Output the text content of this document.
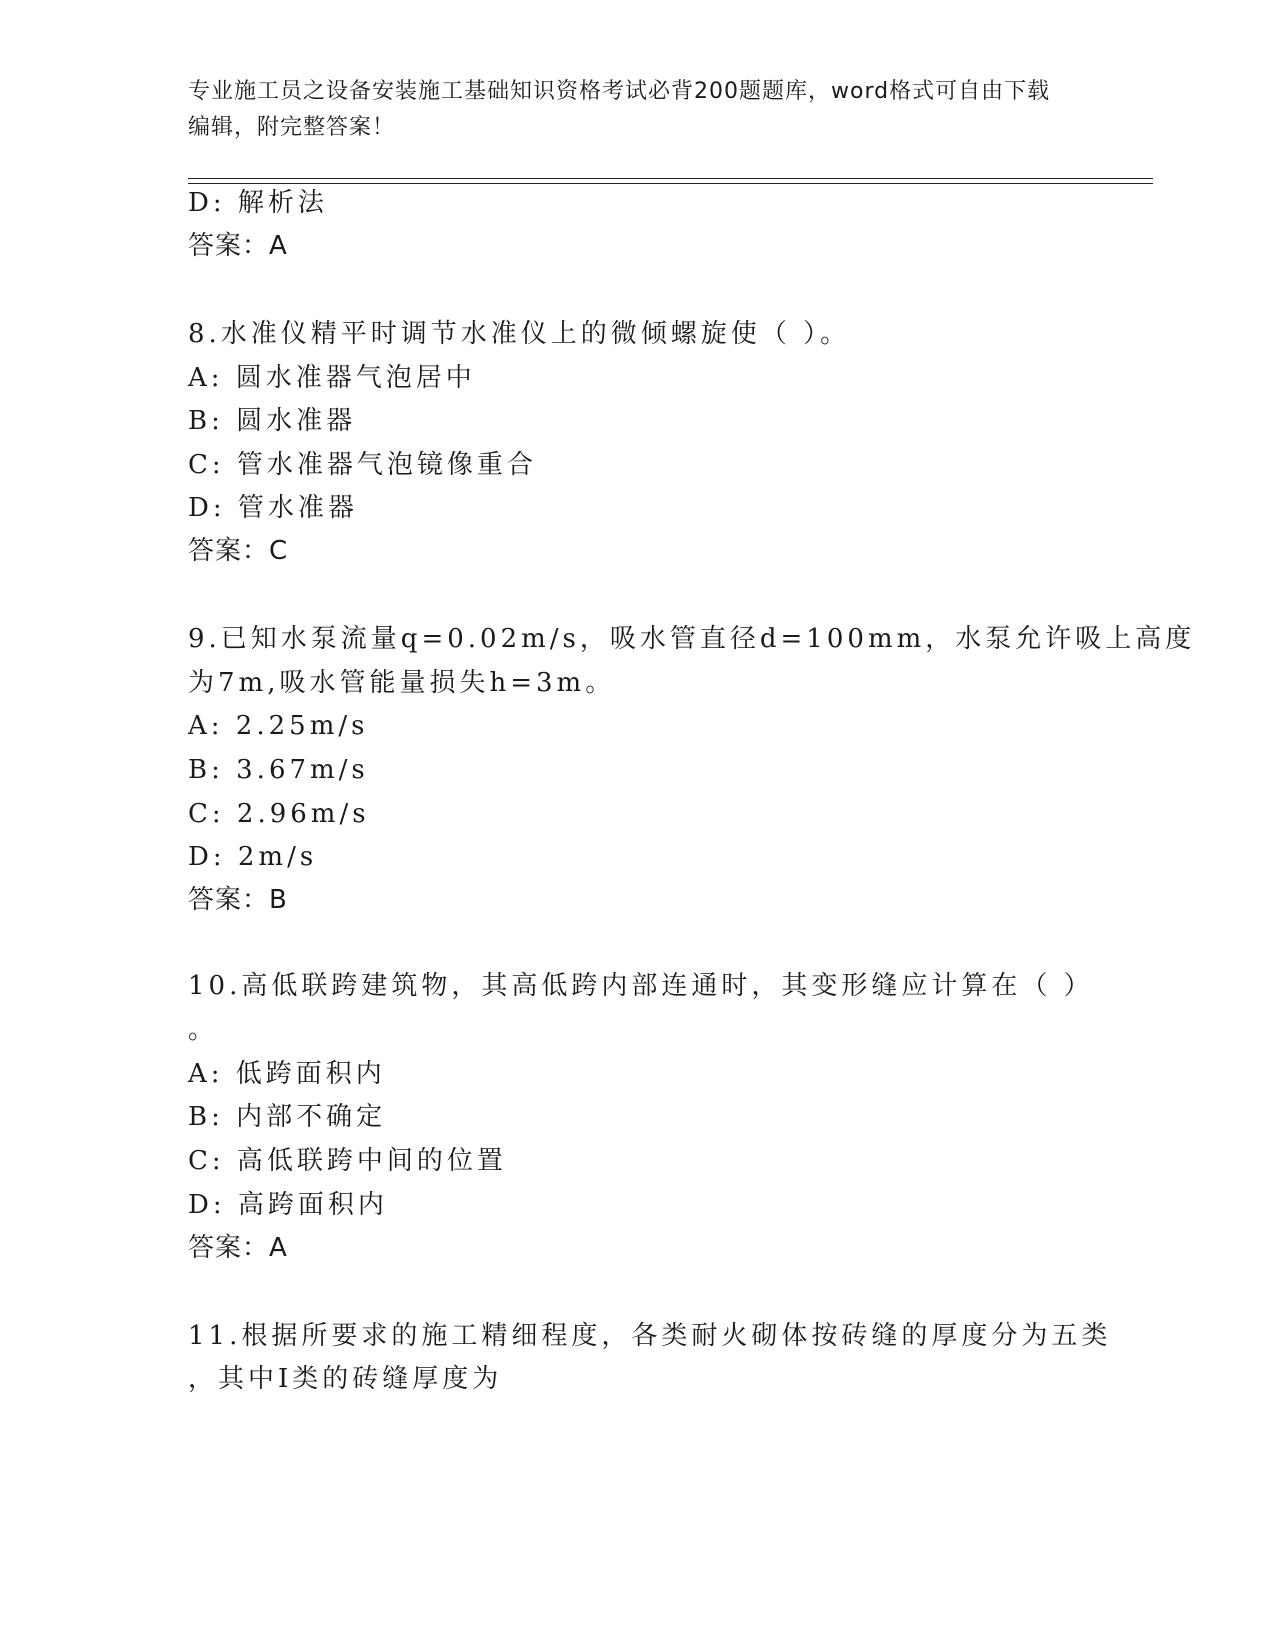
专业施工员之设备安装施工基础知识资格考试必背200题题库，word格式可自由下载编辑，附完整答案！
D: 解析法
答案：A
8.水准仪精平时调节水准仪上的微倾螺旋使（ ）。
A: 圆水准器气泡居中
B: 圆水准器
C: 管水准器气泡镜像重合
D: 管水准器
答案：C
9.已知水泵流量q=0.02m/s，吸水管直径d=100mm，水泵允许吸上高度
为7m,吸水管能量损失h=3m。
A: 2.25m/s
B: 3.67m/s
C: 2.96m/s
D: 2m/s
答案：B
10.高低联跨建筑物，其高低跨内部连通时，其变形缝应计算在（ ）
。
A: 低跨面积内
B: 内部不确定
C: 高低联跨中间的位置
D: 高跨面积内
答案：A
11.根据所要求的施工精细程度，各类耐火砌体按砖缝的厚度分为五类
，其中Ⅰ类的砖缝厚度为
